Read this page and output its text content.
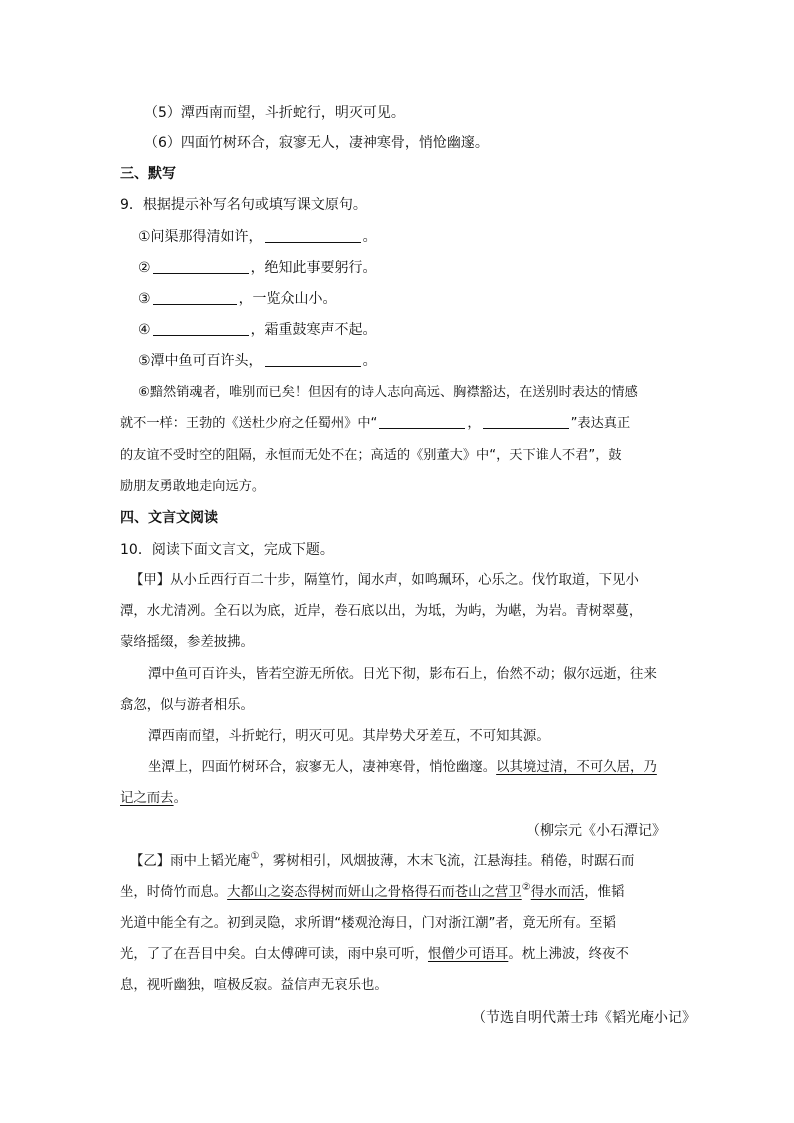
（5）潭西南而望，斗折蛇行，明灭可见。
（6）四面竹树环合，寂寥无人，凄神寒骨，悄怆幽邃。
三、默写
9．根据提示补写名句或填写课文原句。
①问渠那得清如许，	。
②	，绝知此事要躬行。
③	，一览众山小。
④	，霜重鼓寒声不起。
⑤潭中鱼可百许头，	。
⑥黯然销魂者，唯别而已矣！但因有的诗人志向高远、胸襟豁达，在送别时表达的情感
就不一样：王勃的《送杜少府之任蜀州》中“	，	”表达真正
的友谊不受时空的阻隔，永恒而无处不在；高适的《别董大》中“，天下谁人不君”，鼓
励朋友勇敢地走向远方。
四、文言文阅读
10．阅读下面文言文，完成下题。
【甲】从小丘西行百二十步，隔篁竹，闻水声，如鸣珮环，心乐之。伐竹取道，下见小
潭，水尤清冽。全石以为底，近岸，卷石底以出，为坻，为屿，为嵁，为岩。青树翠蔓，
蒙络摇缀，参差披拂。
潭中鱼可百许头，皆若空游无所依。日光下彻，影布石上，佁然不动；俶尔远逝，往来
翕忽，似与游者相乐。
潭西南而望，斗折蛇行，明灭可见。其岸势犬牙差互，不可知其源。
坐潭上，四面竹树环合，寂寥无人，凄神寒骨，悄怆幽邃。以其境过清，不可久居，乃
记之而去。
（柳宗元《小石潭记》
【乙】雨中上韬光庵①，雾树相引，风烟披薄，木末飞流，江悬海挂。稍倦，时踞石而
坐，时倚竹而息。大都山之姿态得树而妍山之骨格得石而苍山之营卫②得水而活，惟韬
光道中能全有之。初到灵隐，求所谓“楼观沧海日，门对浙江潮”者，竟无所有。至韬
光，了了在吾目中矣。白太傅碑可读，雨中泉可听，恨僧少可语耳。枕上沸波，终夜不
息，视听幽独，喧极反寂。益信声无哀乐也。
（节选自明代萧士玮《韬光庵小记》
